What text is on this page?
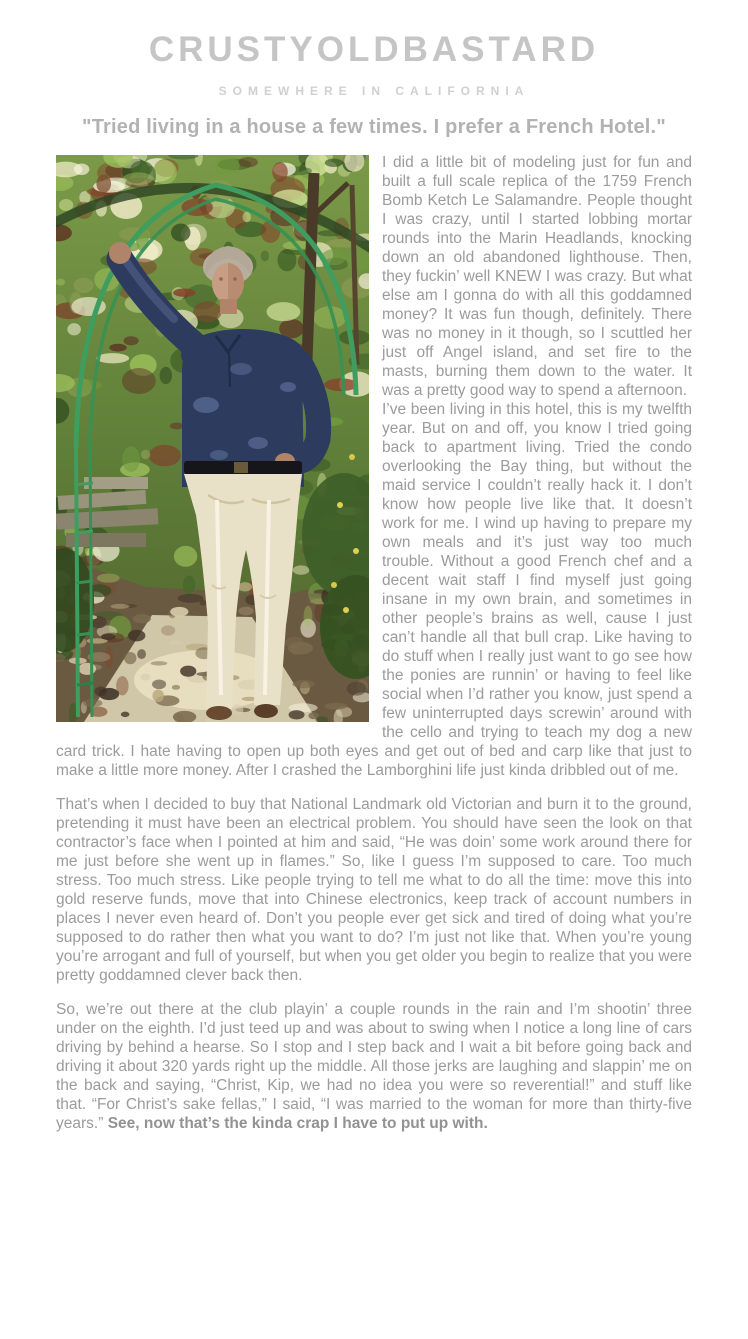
CRUSTYOLDBASTARD
SOMEWHERE IN CALIFORNIA
"Tried living in a house a few times. I prefer a French Hotel."

I did a little bit of modeling just for fun and built a full scale replica of the 1759 French Bomb Ketch Le Salamandre. People thought I was crazy, until I started lobbing mortar rounds into the Marin Headlands, knocking down an old abandoned lighthouse. Then, they fuckin’ well KNEW I was crazy. But what else am I gonna do with all this goddamned money? It was fun though, definitely. There was no money in it though, so I scuttled her just off Angel island, and set fire to the masts, burning them down to the water. It was a pretty good way to spend a afternoon.

I’ve been living in this hotel, this is my twelfth year. But on and off, you know I tried going back to apartment living. Tried the condo overlooking the Bay thing, but without the maid service I couldn’t really hack it. I don’t know how people live like that. It doesn’t work for me. I wind up having to prepare my own meals and it’s just way too much trouble. Without a good French chef and a decent wait staff I find myself just going insane in my own brain, and sometimes in other people’s brains as well, cause I just can’t handle all that bull crap. Like having to do stuff when I really just want to go see how the ponies are runnin’ or having to feel like social when I’d rather you know, just spend a few uninterrupted days screwin’ around with the cello and trying to teach my dog a new card trick. I hate having to open up both eyes and get out of bed and carp like that just to make a little more money. After I crashed the Lamborghini life just kinda dribbled out of me.

That’s when I decided to buy that National Landmark old Victorian and burn it to the ground, pretending it must have been an electrical problem. You should have seen the look on that contractor’s face when I pointed at him and said, “He was doin’ some work around there for me just before she went up in flames.” So, like I guess I’m supposed to care. Too much stress. Too much stress. Like people trying to tell me what to do all the time: move this into gold reserve funds, move that into Chinese electronics, keep track of account numbers in places I never even heard of. Don’t you people ever get sick and tired of doing what you’re supposed to do rather then what you want to do? I’m just not like that. When you’re young you’re arrogant and full of yourself, but when you get older you begin to realize that you were pretty goddamned clever back then.

So, we’re out there at the club playin’ a couple rounds in the rain and I’m shootin’ three under on the eighth. I’d just teed up and was about to swing when I notice a long line of cars driving by behind a hearse. So I stop and I step back and I wait a bit before going back and driving it about 320 yards right up the middle. All those jerks are laughing and slappin’ me on the back and saying, “Christ, Kip, we had no idea you were so reverential!” and stuff like that. “For Christ’s sake fellas,” I said, “I was married to the woman for more than thirty-five years.” See, now that’s the kinda crap I have to put up with.
